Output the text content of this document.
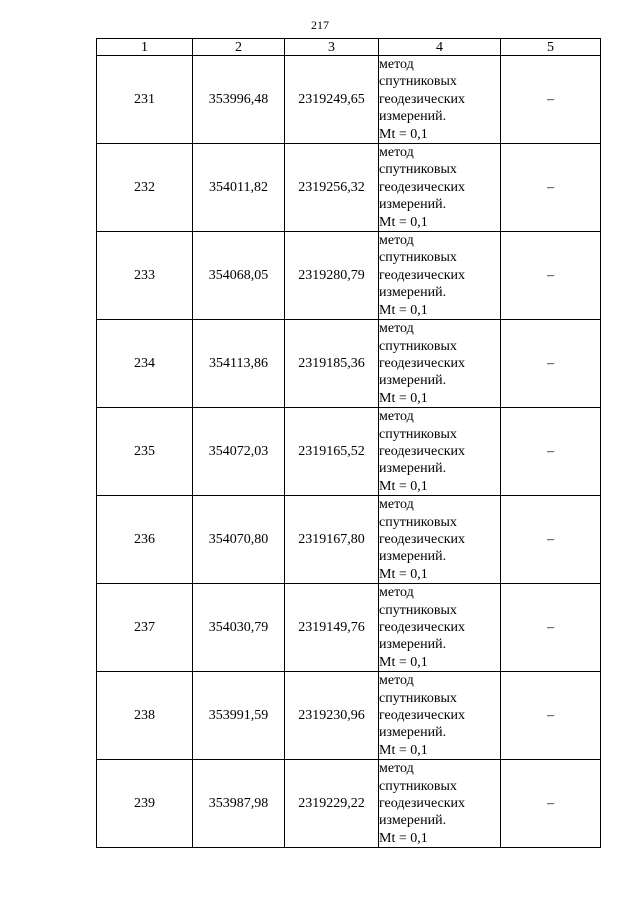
217
1	2	3	4	5
231	353996,48	2319249,65	метод
спутниковых
геодезических
измерений.
Mt = 0,1	–
232	354011,82	2319256,32	метод
спутниковых
геодезических
измерений.
Mt = 0,1	–
233	354068,05	2319280,79	метод
спутниковых
геодезических
измерений.
Mt = 0,1	–
234	354113,86	2319185,36	метод
спутниковых
геодезических
измерений.
Mt = 0,1	–
235	354072,03	2319165,52	метод
спутниковых
геодезических
измерений.
Mt = 0,1	–
236	354070,80	2319167,80	метод
спутниковых
геодезических
измерений.
Mt = 0,1	–
237	354030,79	2319149,76	метод
спутниковых
геодезических
измерений.
Mt = 0,1	–
238	353991,59	2319230,96	метод
спутниковых
геодезических
измерений.
Mt = 0,1	–
239	353987,98	2319229,22	метод
спутниковых
геодезических
измерений.
Mt = 0,1	–
